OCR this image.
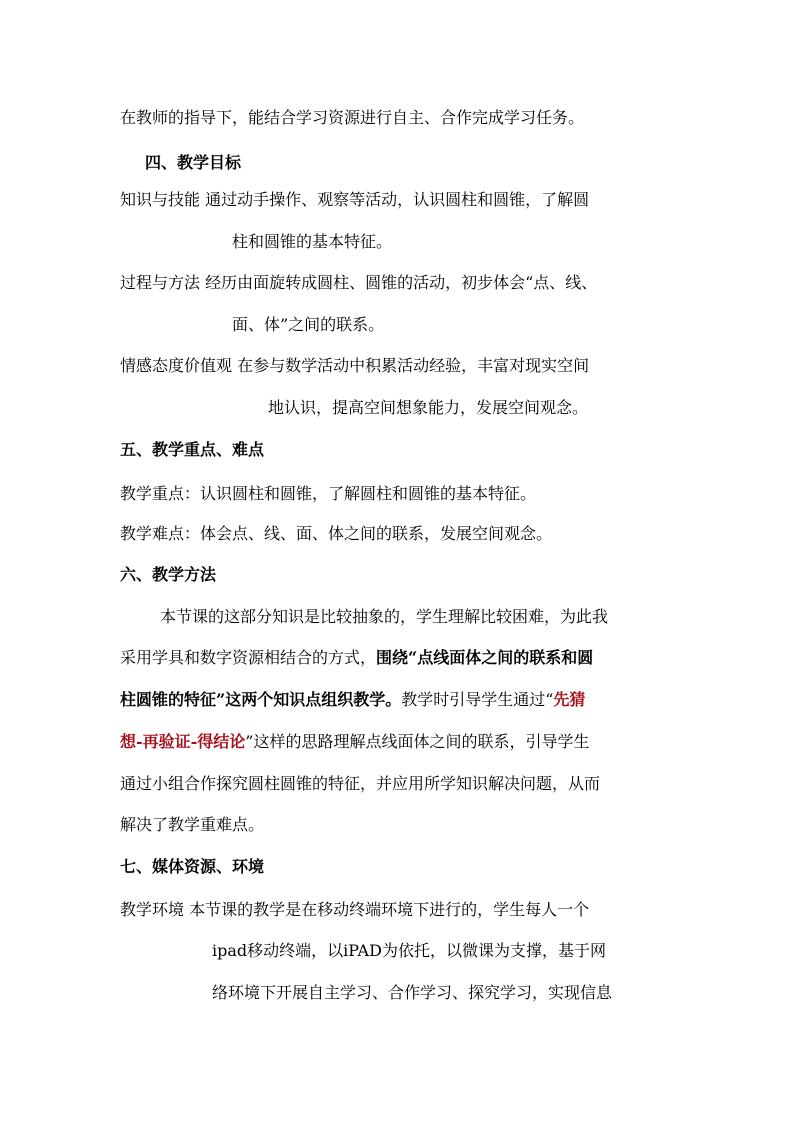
在教师的指导下，能结合学习资源进行自主、合作完成学习任务。
四、教学目标
知识与技能 通过动手操作、观察等活动，认识圆柱和圆锥，了解圆
柱和圆锥的基本特征。
过程与方法 经历由面旋转成圆柱、圆锥的活动，初步体会“点、线、
面、体”之间的联系。
情感态度价值观 在参与数学活动中积累活动经验，丰富对现实空间
地认识，提高空间想象能力，发展空间观念。
五、教学重点、难点
教学重点：认识圆柱和圆锥，了解圆柱和圆锥的基本特征。
教学难点：体会点、线、面、体之间的联系，发展空间观念。
六、教学方法
本节课的这部分知识是比较抽象的，学生理解比较困难，为此我
采用学具和数字资源相结合的方式，围绕“点线面体之间的联系和圆
柱圆锥的特征”这两个知识点组织教学。教学时引导学生通过“先猜
想-再验证-得结论”这样的思路理解点线面体之间的联系，引导学生
通过小组合作探究圆柱圆锥的特征，并应用所学知识解决问题，从而
解决了教学重难点。
七、媒体资源、环境
教学环境 本节课的教学是在移动终端环境下进行的，学生每人一个
ipad移动终端，以iPAD为依托，以微课为支撑，基于网
络环境下开展自主学习、合作学习、探究学习，实现信息
